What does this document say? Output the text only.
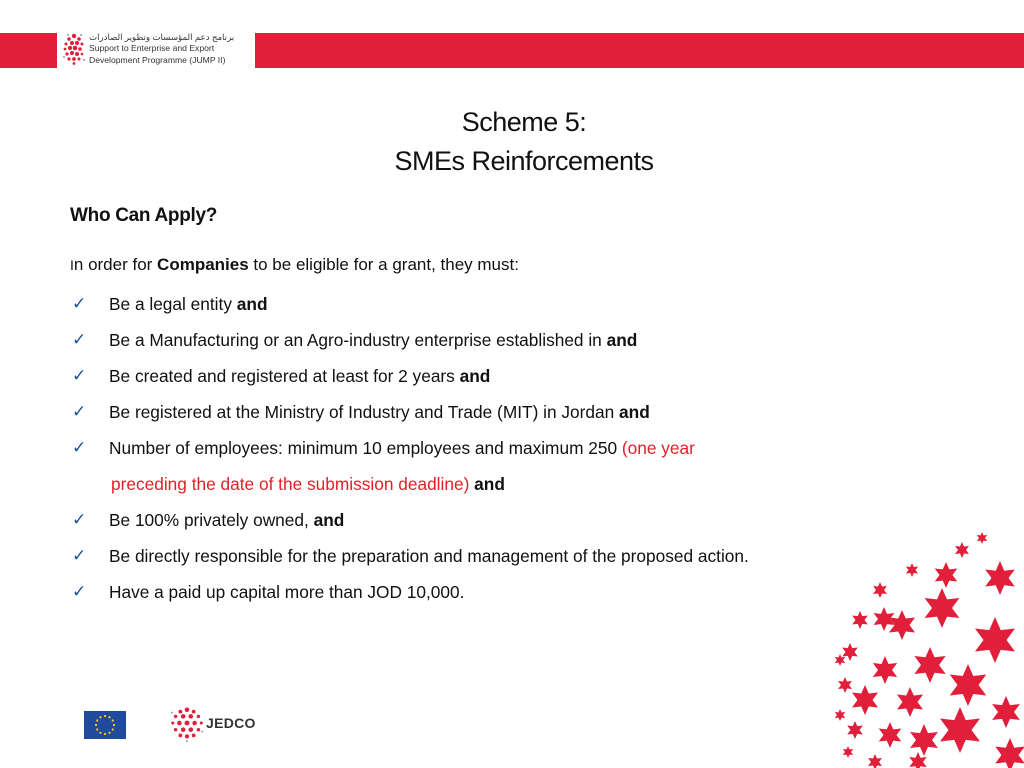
برنامج دعم المؤسسات وتطوير الصادرات
Support to Enterprise and Export
Development Programme (JUMP II)
Scheme 5:
SMEs Reinforcements
Who Can Apply?
In order for Companies to be eligible for a grant, they must:
✓ Be a legal entity and
✓ Be a Manufacturing or an Agro-industry enterprise established in and
✓ Be created and registered at least for 2 years and
✓ Be registered at the Ministry of Industry and Trade (MIT) in Jordan and
✓ Number of employees: minimum 10 employees and maximum 250 (one year
preceding the date of the submission deadline) and
✓ Be 100% privately owned, and
✓ Be directly responsible for the preparation and management of the proposed action.
✓ Have a paid up capital more than JOD 10,000.
JEDCO
